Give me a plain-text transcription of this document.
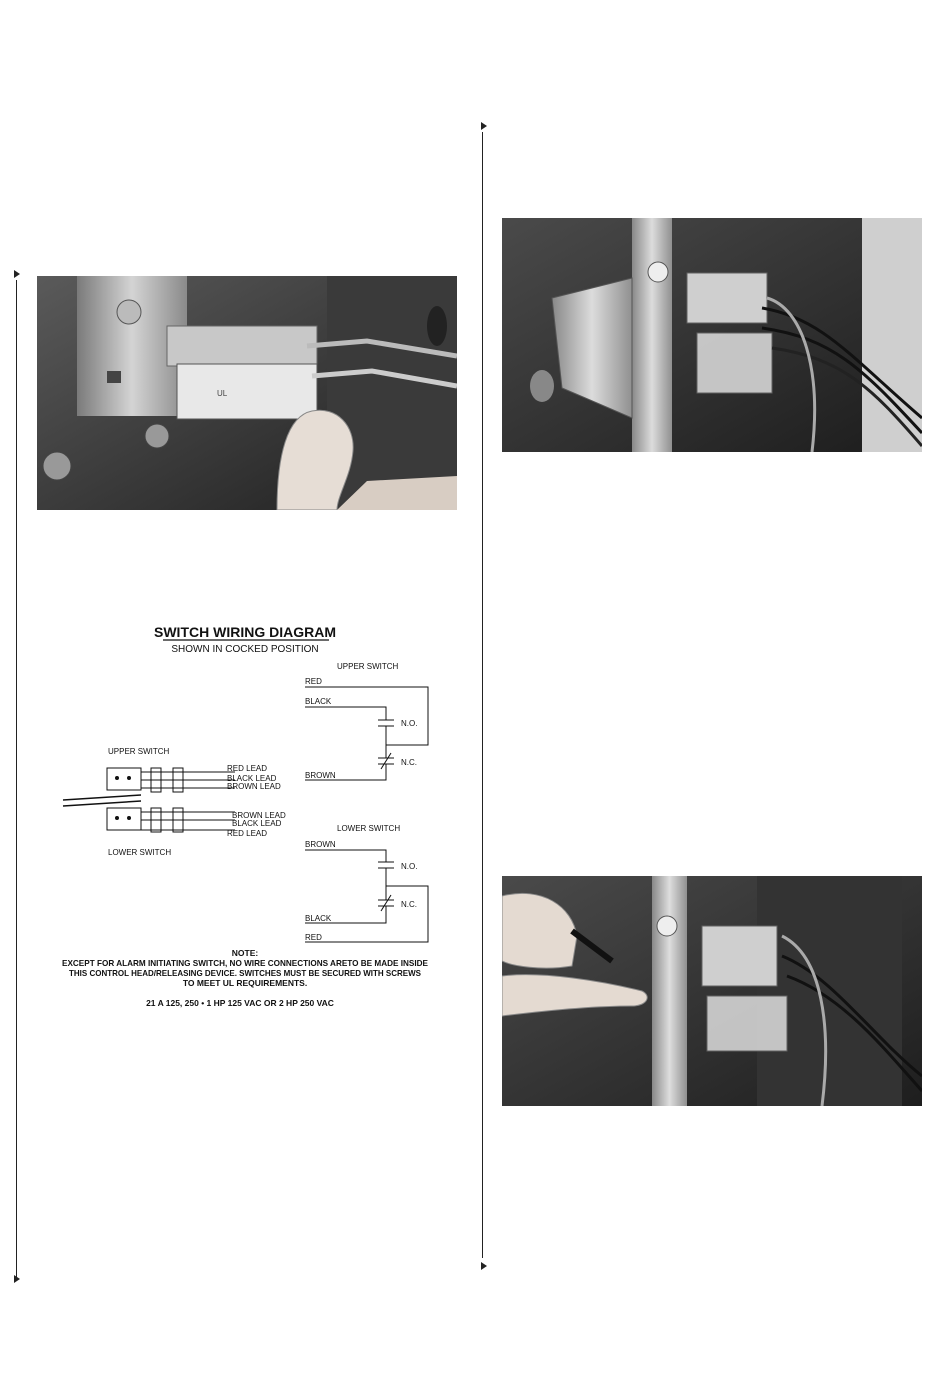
UL
SWITCH WIRING DIAGRAM
SHOWN IN COCKED POSITION
UPPER SWITCH
RED LEAD
BLACK LEAD
BROWN LEAD
BROWN LEAD
BLACK LEAD
RED LEAD
LOWER SWITCH
UPPER SWITCH
RED
BLACK
BROWN
N.O.
N.C.
LOWER SWITCH
BROWN
BLACK
RED
N.O.
N.C.
NOTE:
EXCEPT FOR ALARM INITIATING SWITCH, NO WIRE CONNECTIONS ARETO BE MADE INSIDE
THIS CONTROL HEAD/RELEASING DEVICE. SWITCHES MUST BE SECURED WITH SCREWS
TO MEET UL REQUIREMENTS.
21 A 125, 250 • 1 HP 125 VAC OR 2 HP 250 VAC
